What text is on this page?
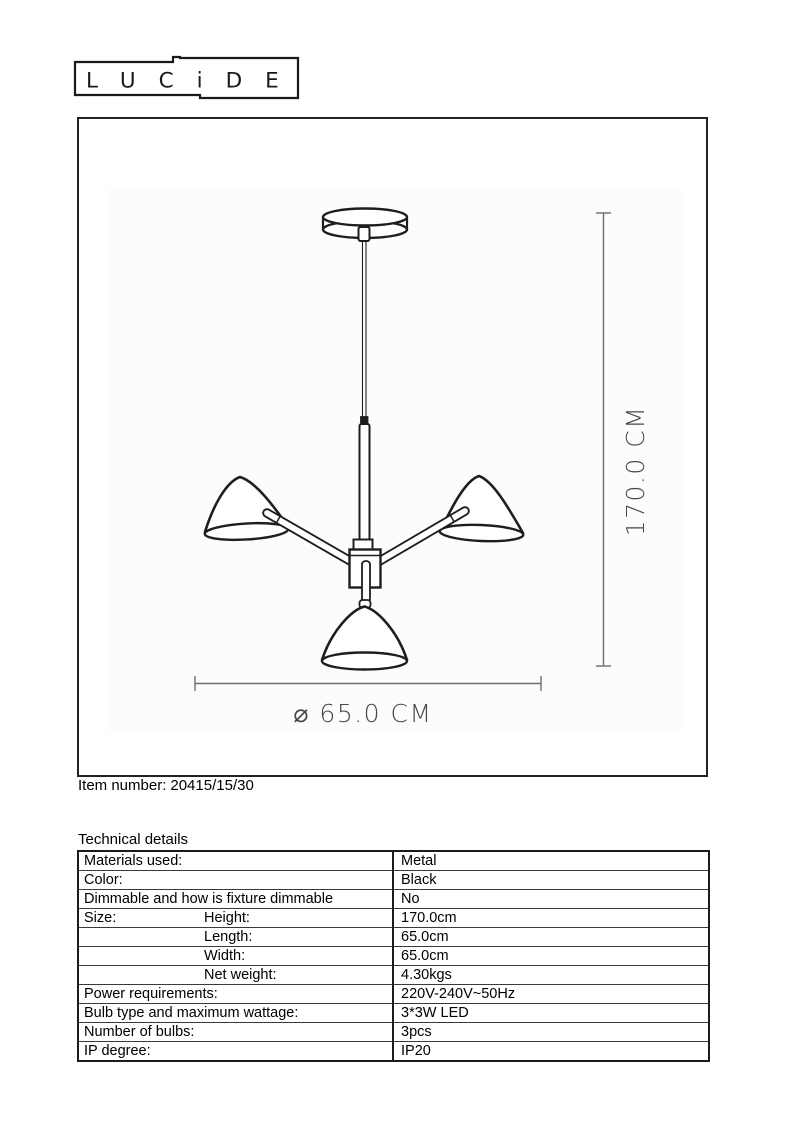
LUCiDE
170.0 CM
⌀ 65.0 CM
Item number: 20415/15/30
Technical details
Materials used:		Metal
Color:		Black
Dimmable and how is fixture dimmable		No
Size:	Height:	170.0cm
	Length:	65.0cm
	Width:	65.0cm
	Net weight:	4.30kgs
Power requirements:		220V-240V~50Hz
Bulb type and maximum wattage:		3*3W LED
Number of bulbs:		3pcs
IP degree:		IP20
